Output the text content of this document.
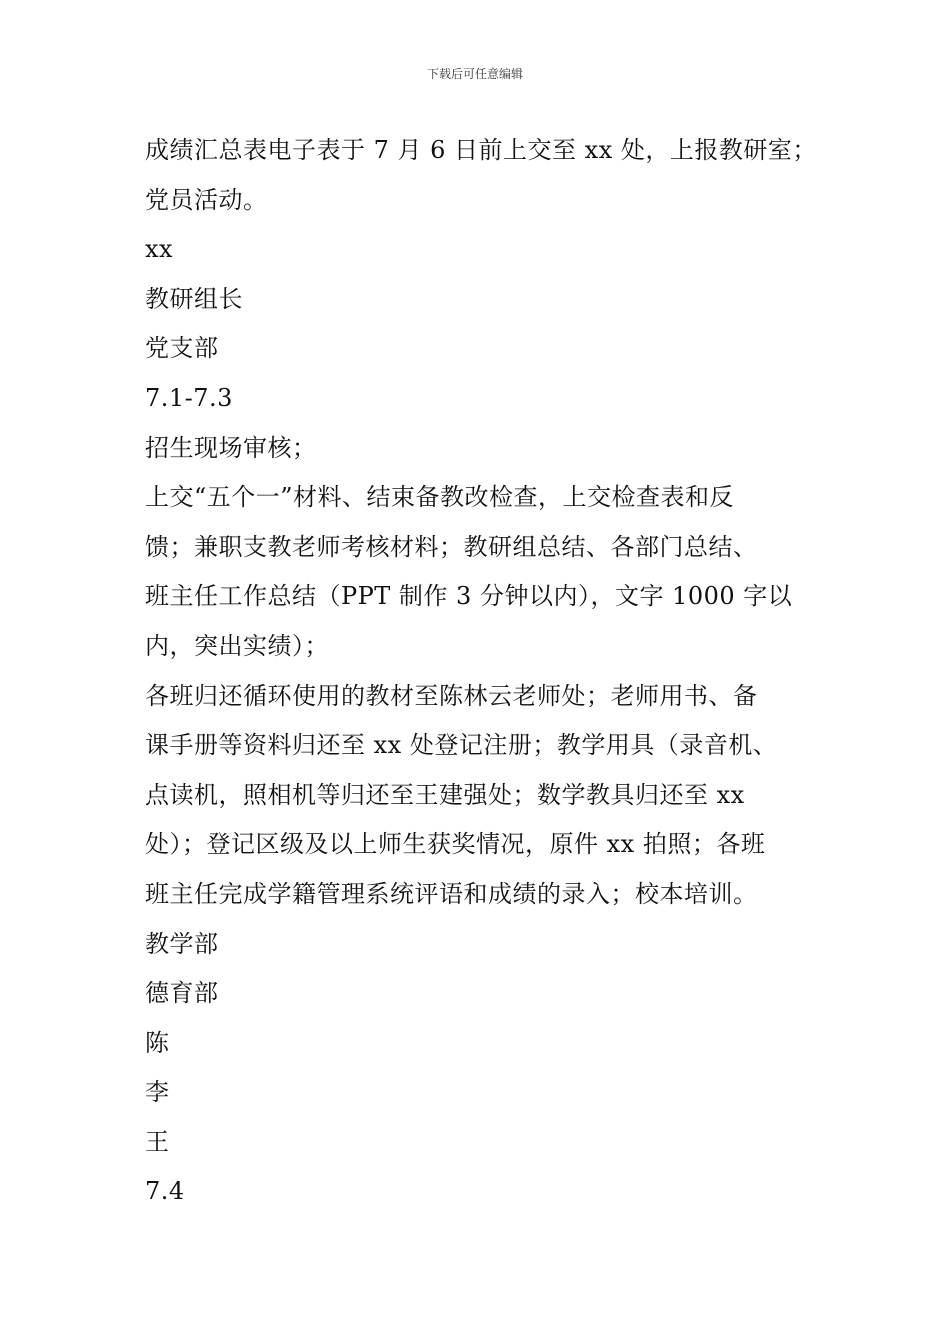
下载后可任意编辑
成绩汇总表电子表于 7 月 6 日前上交至 xx 处，上报教研室；
党员活动。
xx
教研组长
党支部
7.1-7.3
招生现场审核；
上交“五个一”材料、结束备教改检查，上交检查表和反
馈；兼职支教老师考核材料；教研组总结、各部门总结、
班主任工作总结（PPT 制作 3 分钟以内），文字 1000 字以
内，突出实绩）；
各班归还循环使用的教材至陈林云老师处；老师用书、备
课手册等资料归还至 xx 处登记注册；教学用具（录音机、
点读机，照相机等归还至王建强处；数学教具归还至 xx
处）；登记区级及以上师生获奖情况，原件 xx 拍照；各班
班主任完成学籍管理系统评语和成绩的录入；校本培训。
教学部
德育部
陈
李
王
7.4
